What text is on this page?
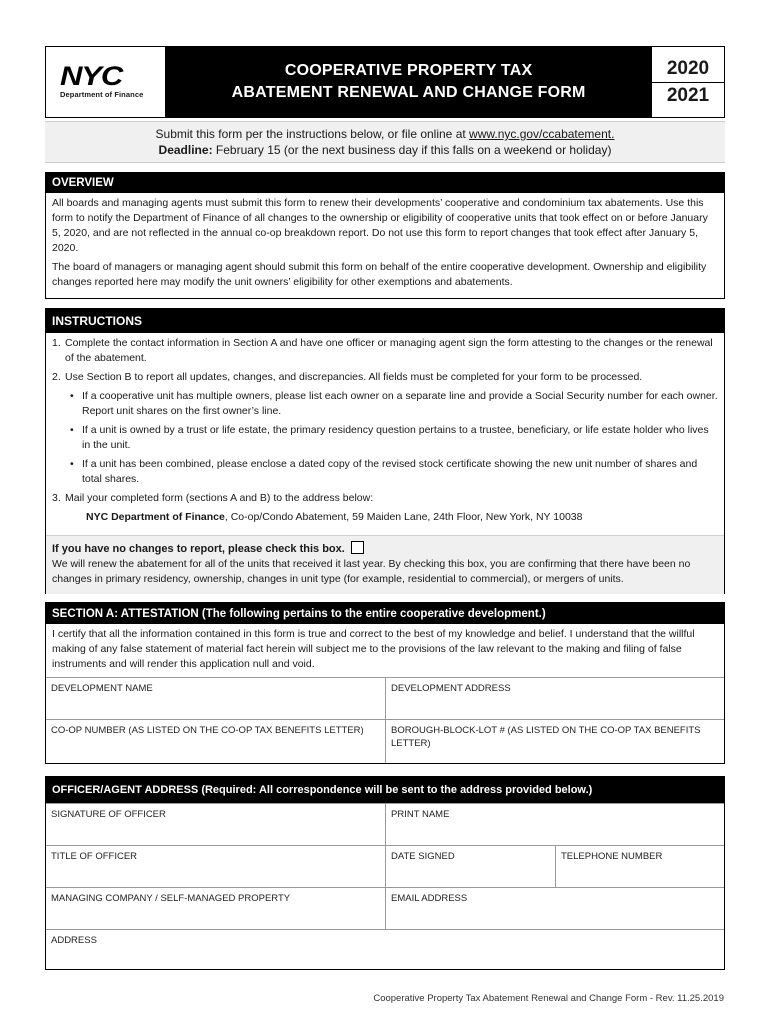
NYC
Department of Finance
COOPERATIVE PROPERTY TAX
ABATEMENT RENEWAL AND CHANGE FORM
2020
2021
Submit this form per the instructions below, or file online at www.nyc.gov/ccabatement.
Deadline: February 15 (or the next business day if this falls on a weekend or holiday)
OVERVIEW

All boards and managing agents must submit this form to renew their developments’ cooperative and condominium tax abatements. Use this form to notify the Department of Finance of all changes to the ownership or eligibility of cooperative units that took effect on or before January 5, 2020, and are not reflected in the annual co-op breakdown report. Do not use this form to report changes that took effect after January 5, 2020.

The board of managers or managing agent should submit this form on behalf of the entire cooperative development. Ownership and eligibility changes reported here may modify the unit owners’ eligibility for other exemptions and abatements.

INSTRUCTIONS
1. Complete the contact information in Section A and have one officer or managing agent sign the form attesting to the changes or the renewal of the abatement.
2. Use Section B to report all updates, changes, and discrepancies. All fields must be completed for your form to be processed.
• If a cooperative unit has multiple owners, please list each owner on a separate line and provide a Social Security number for each owner. Report unit shares on the first owner’s line.
• If a unit is owned by a trust or life estate, the primary residency question pertains to a trustee, beneficiary, or life estate holder who lives in the unit.
• If a unit has been combined, please enclose a dated copy of the revised stock certificate showing the new unit number of shares and total shares.
3. Mail your completed form (sections A and B) to the address below:
NYC Department of Finance, Co-op/Condo Abatement, 59 Maiden Lane, 24th Floor, New York, NY 10038
If you have no changes to report, please check this box.
We will renew the abatement for all of the units that received it last year. By checking this box, you are confirming that there have been no changes in primary residency, ownership, changes in unit type (for example, residential to commercial), or mergers of units.
SECTION A: ATTESTATION (The following pertains to the entire cooperative development.)
I certify that all the information contained in this form is true and correct to the best of my knowledge and belief. I understand that the willful making of any false statement of material fact herein will subject me to the provisions of the law relevant to the making and filing of false instruments and will render this application null and void.
DEVELOPMENT NAME	DEVELOPMENT ADDRESS
CO-OP NUMBER (AS LISTED ON THE CO-OP TAX BENEFITS LETTER)	BOROUGH-BLOCK-LOT # (AS LISTED ON THE CO-OP TAX BENEFITS LETTER)
OFFICER/AGENT ADDRESS (Required: All correspondence will be sent to the address provided below.)
SIGNATURE OF OFFICER	PRINT NAME
TITLE OF OFFICER	DATE SIGNED	TELEPHONE NUMBER
MANAGING COMPANY / SELF-MANAGED PROPERTY	EMAIL ADDRESS
ADDRESS
Cooperative Property Tax Abatement Renewal and Change Form - Rev. 11.25.2019
